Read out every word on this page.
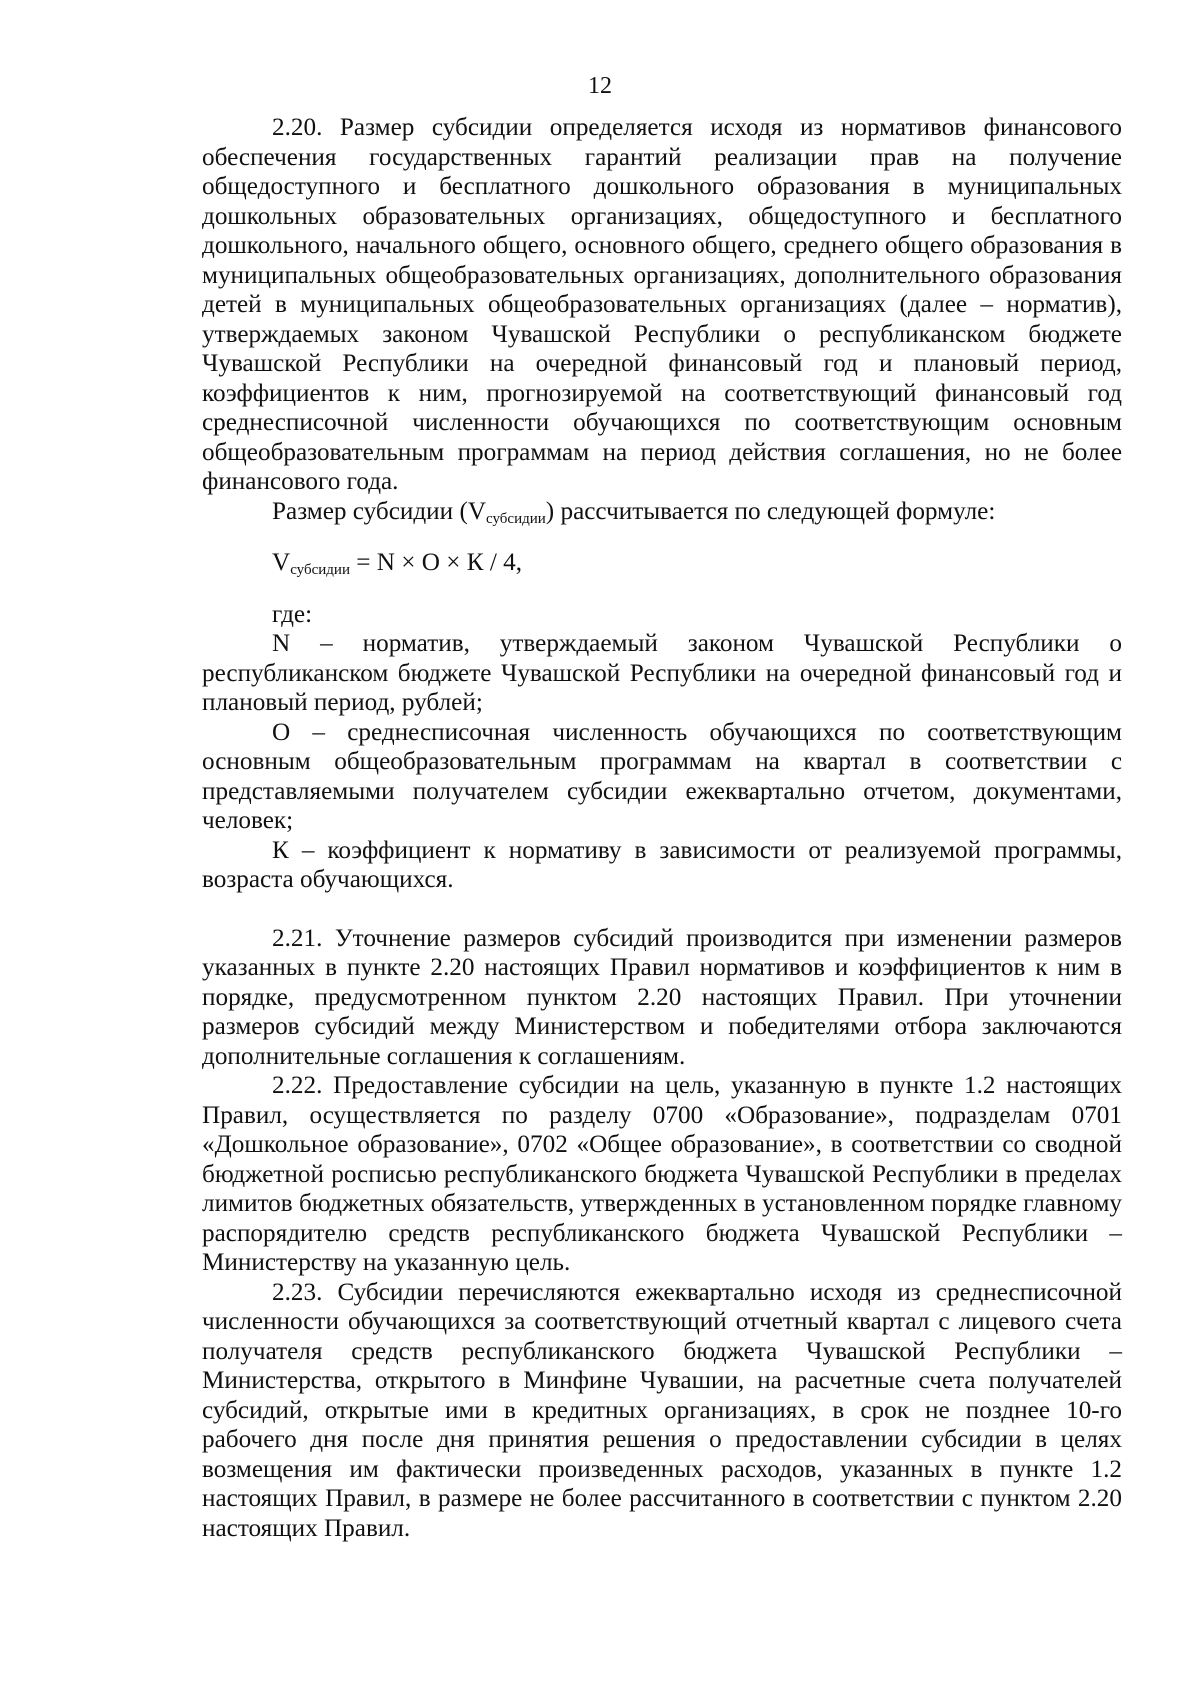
12

2.20. Размер субсидии определяется исходя из нормативов финансового обеспечения государственных гарантий реализации прав на получение общедоступного и бесплатного дошкольного образования в муниципальных дошкольных образовательных организациях, общедоступного и бесплатного дошкольного, начального общего, основного общего, среднего общего образования в муниципальных общеобразовательных организациях, дополнительного образования детей в муниципальных общеобразовательных организациях (далее – норматив), утверждаемых законом Чувашской Республики о республиканском бюджете Чувашской Республики на очередной финансовый год и плановый период, коэффициентов к ним, прогнозируемой на соответствующий финансовый год среднесписочной численности обучающихся по соответствующим основным общеобразовательным программам на период действия соглашения, но не более финансового года.

Размер субсидии $(V_{субсидии})$ рассчитывается по следующей формуле:

$V_{субсидии} = N \times O \times К / 4$,

где:

N – норматив, утверждаемый законом Чувашской Республики о республиканском бюджете Чувашской Республики на очередной финансовый год и плановый период, рублей;

O – среднесписочная численность обучающихся по соответствующим основным общеобразовательным программам на квартал в соответствии с представляемыми получателем субсидии ежеквартально отчетом, документами, человек;

К – коэффициент к нормативу в зависимости от реализуемой программы, возраста обучающихся.

2.21. Уточнение размеров субсидий производится при изменении размеров указанных в пункте 2.20 настоящих Правил нормативов и коэффициентов к ним в порядке, предусмотренном пунктом 2.20 настоящих Правил. При уточнении размеров субсидий между Министерством и победителями отбора заключаются дополнительные соглашения к соглашениям.

2.22. Предоставление субсидии на цель, указанную в пункте 1.2 настоящих Правил, осуществляется по разделу 0700 «Образование», подразделам 0701 «Дошкольное образование», 0702 «Общее образование», в соответствии со сводной бюджетной росписью республиканского бюджета Чувашской Республики в пределах лимитов бюджетных обязательств, утвержденных в установленном порядке главному распорядителю средств республиканского бюджета Чувашской Республики – Министерству на указанную цель.

2.23. Субсидии перечисляются ежеквартально исходя из среднесписочной численности обучающихся за соответствующий отчетный квартал с лицевого счета получателя средств республиканского бюджета Чувашской Республики – Министерства, открытого в Минфине Чувашии, на расчетные счета получателей субсидий, открытые ими в кредитных организациях, в срок не позднее 10-го рабочего дня после дня принятия решения о предоставлении субсидии в целях возмещения им фактически произведенных расходов, указанных в пункте 1.2 настоящих Правил, в размере не более рассчитанного в соответствии с пунктом 2.20 настоящих Правил.
